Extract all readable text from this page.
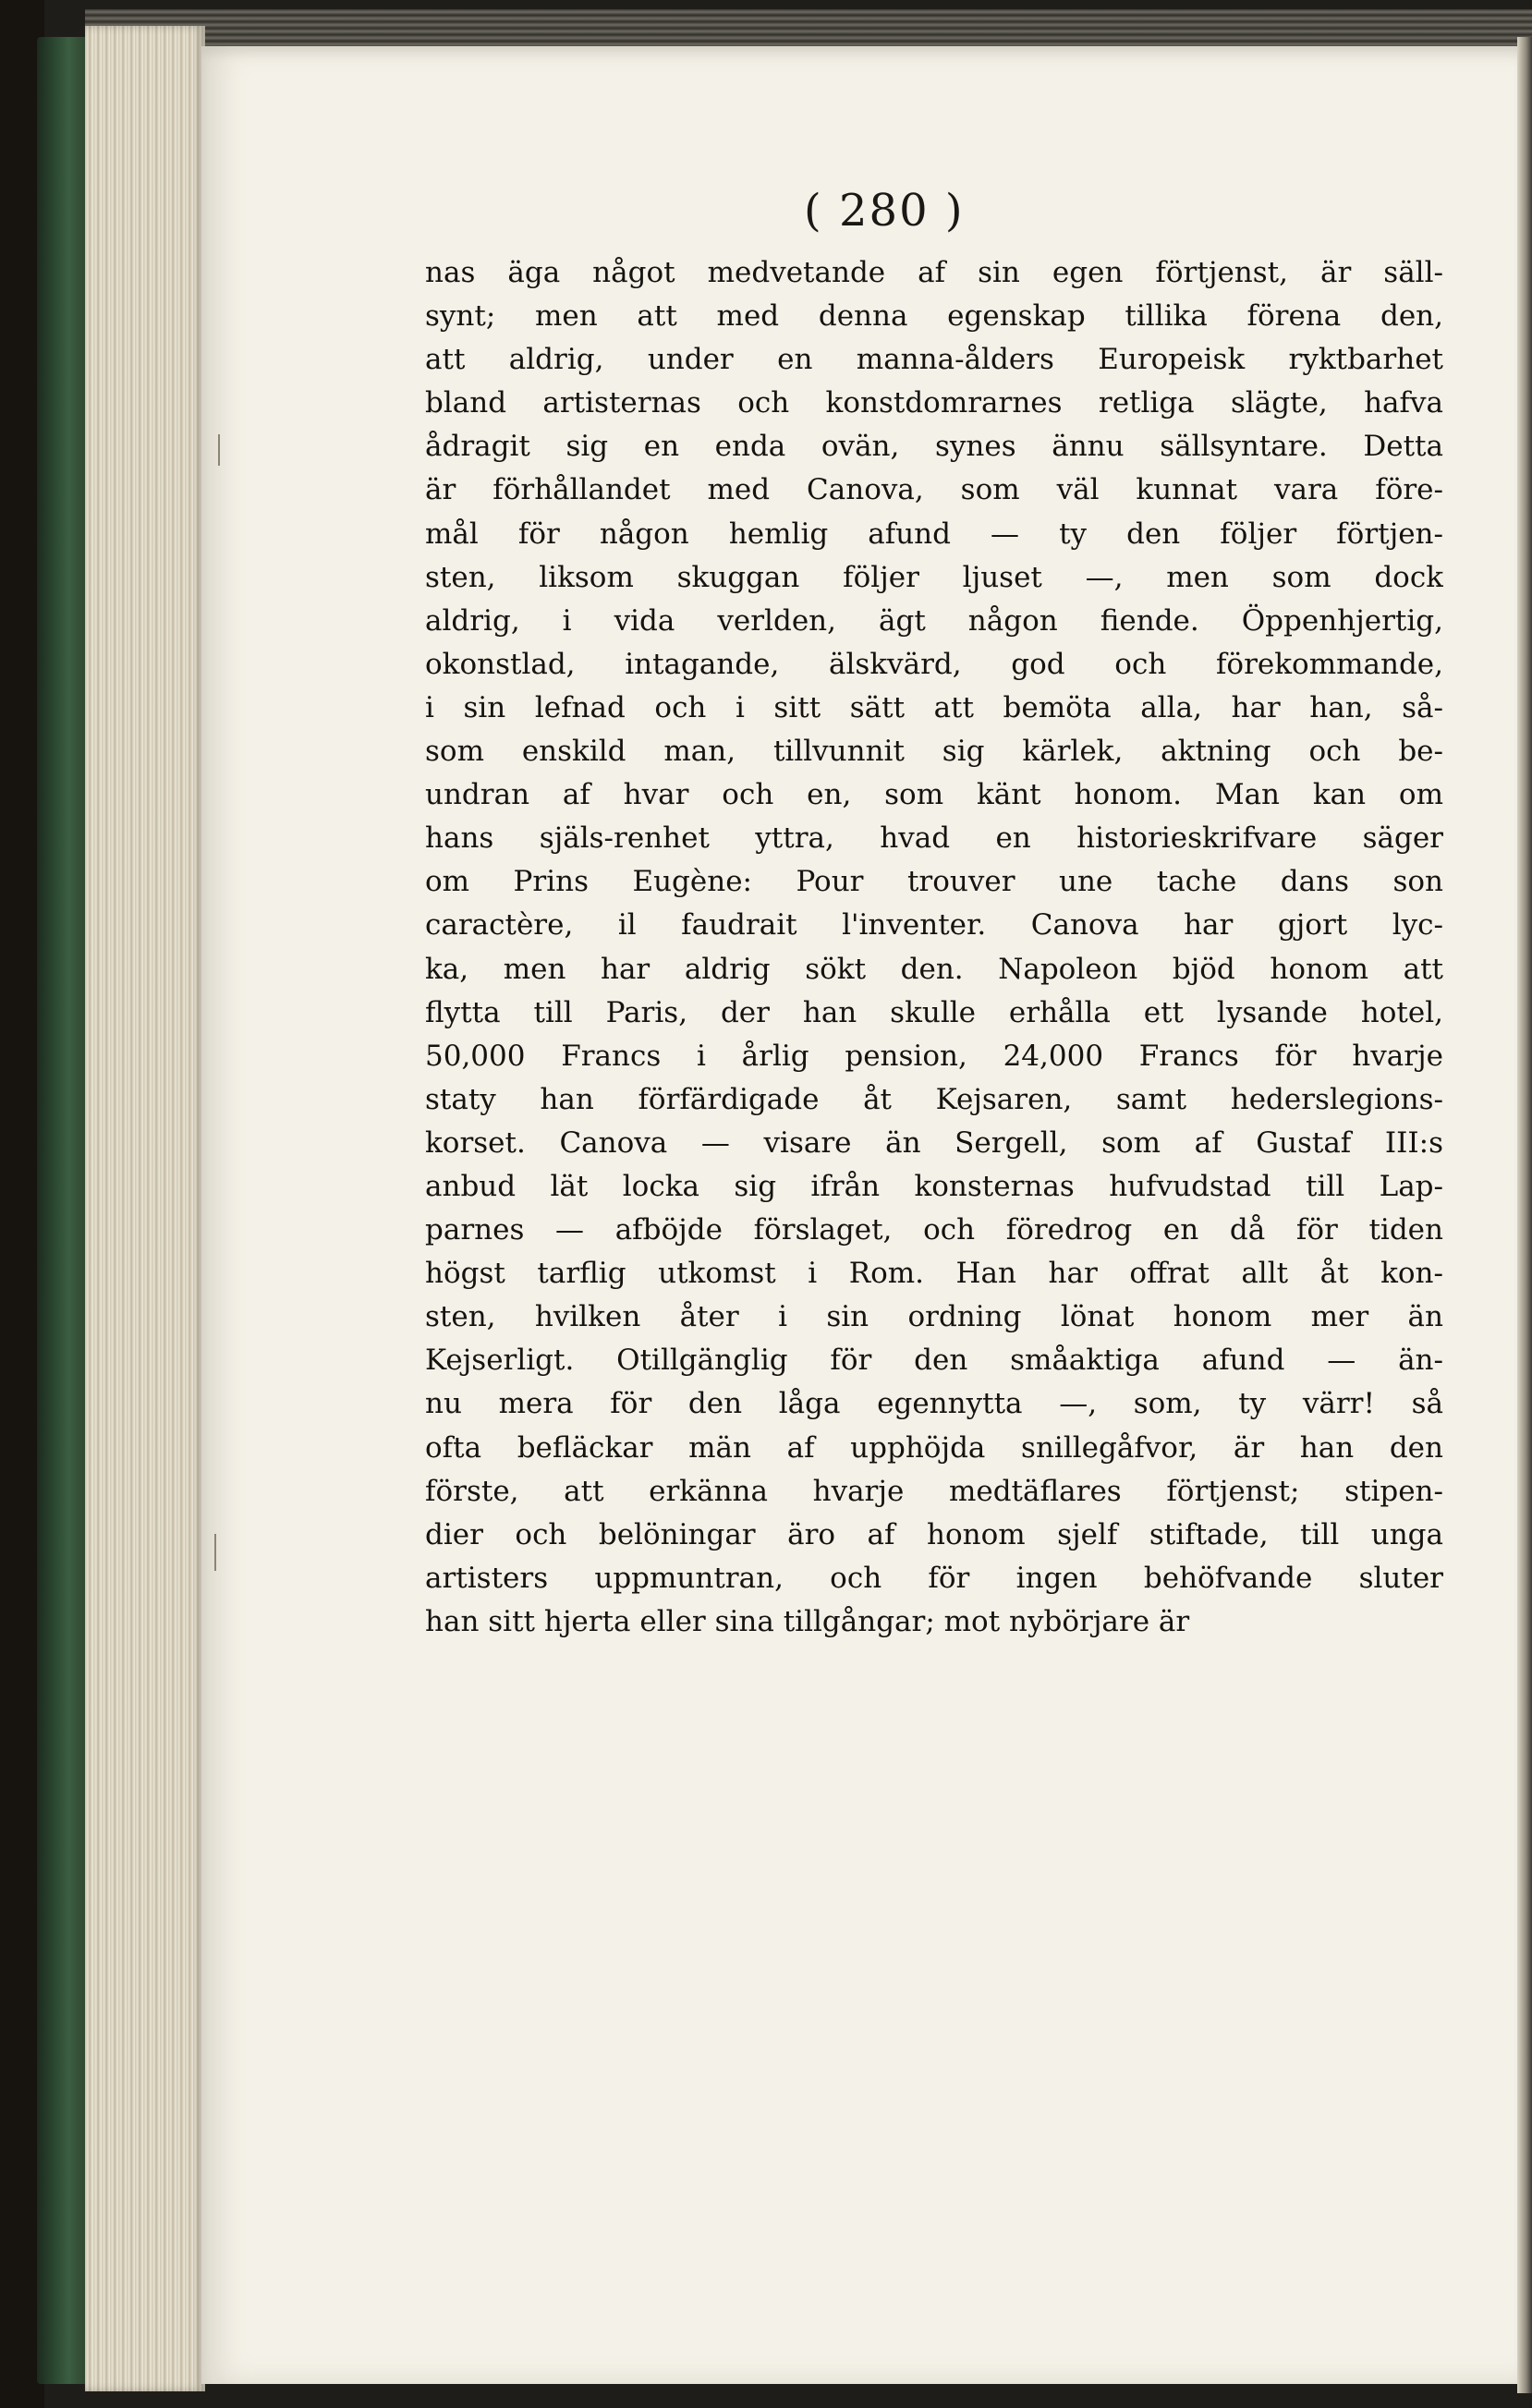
( 280 )
nas äga något medvetande af sin egen förtjenst, är säll-
synt; men att med denna egenskap tillika förena den,
att aldrig, under en manna-ålders Europeisk ryktbarhet
bland artisternas och konstdomrarnes retliga slägte, hafva
ådragit sig en enda ovän, synes ännu sällsyntare. Detta
är förhållandet med Canova, som väl kunnat vara före-
mål för någon hemlig afund — ty den följer förtjen-
sten, liksom skuggan följer ljuset —, men som dock
aldrig, i vida verlden, ägt någon fiende. Öppenhjertig,
okonstlad, intagande, älskvärd, god och förekommande,
i sin lefnad och i sitt sätt att bemöta alla, har han, så-
som enskild man, tillvunnit sig kärlek, aktning och be-
undran af hvar och en, som känt honom. Man kan om
hans själs-renhet yttra, hvad en historieskrifvare säger
om Prins Eugène: Pour trouver une tache dans son
caractère, il faudrait l'inventer. Canova har gjort lyc-
ka, men har aldrig sökt den. Napoleon bjöd honom att
flytta till Paris, der han skulle erhålla ett lysande hotel,
50,000 Francs i årlig pension, 24,000 Francs för hvarje
staty han förfärdigade åt Kejsaren, samt hederslegions-
korset. Canova — visare än Sergell, som af Gustaf III:s
anbud lät locka sig ifrån konsternas hufvudstad till Lap-
parnes — afböjde förslaget, och föredrog en då för tiden
högst tarflig utkomst i Rom. Han har offrat allt åt kon-
sten, hvilken åter i sin ordning lönat honom mer än
Kejserligt. Otillgänglig för den småaktiga afund — än-
nu mera för den låga egennytta —, som, ty värr! så
ofta befläckar män af upphöjda snillegåfvor, är han den
förste, att erkänna hvarje medtäflares förtjenst; stipen-
dier och belöningar äro af honom sjelf stiftade, till unga
artisters uppmuntran, och för ingen behöfvande sluter
han sitt hjerta eller sina tillgångar; mot nybörjare är
